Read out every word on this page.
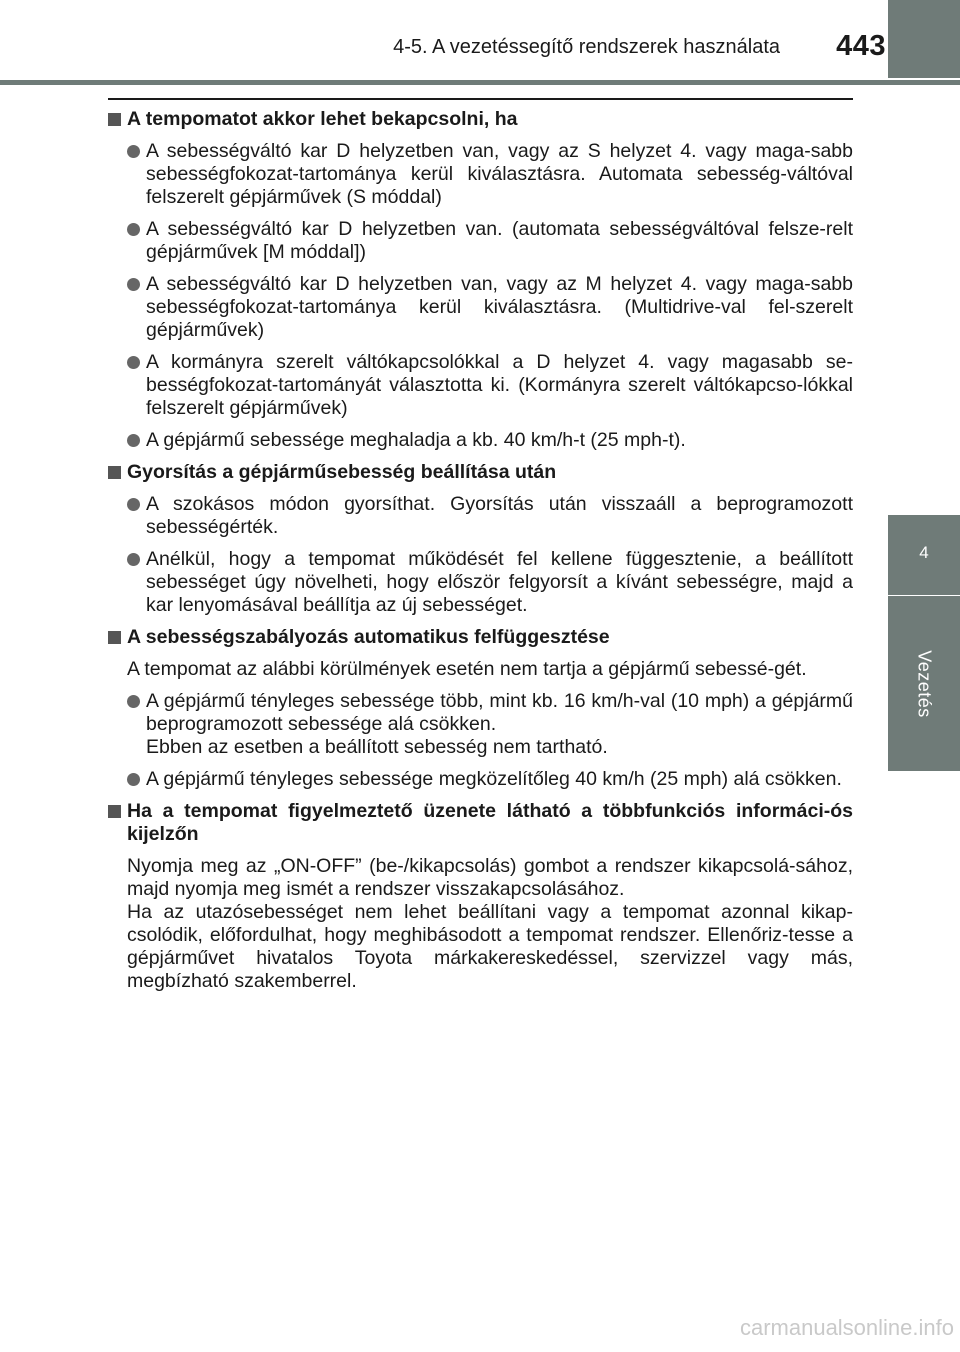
4-5. A vezetéssegítő rendszerek használata	443
4
Vezetés
A tempomatot akkor lehet bekapcsolni, ha
A sebességváltó kar D helyzetben van, vagy az S helyzet 4. vagy maga-sabb sebességfokozat-tartománya kerül kiválasztásra. Automata sebesség-váltóval felszerelt gépjárművek (S móddal)
A sebességváltó kar D helyzetben van. (automata sebességváltóval felsze-relt gépjárművek [M móddal])
A sebességváltó kar D helyzetben van, vagy az M helyzet 4. vagy maga-sabb sebességfokozat-tartománya kerül kiválasztásra. (Multidrive-val fel-szerelt gépjárművek)
A kormányra szerelt váltókapcsolókkal a D helyzet 4. vagy magasabb se-bességfokozat-tartományát választotta ki. (Kormányra szerelt váltókapcso-lókkal felszerelt gépjárművek)
A gépjármű sebessége meghaladja a kb. 40 km/h-t (25 mph-t).
Gyorsítás a gépjárműsebesség beállítása után
A szokásos módon gyorsíthat. Gyorsítás után visszaáll a beprogramozott sebességérték.
Anélkül, hogy a tempomat működését fel kellene függesztenie, a beállított sebességet úgy növelheti, hogy először felgyorsít a kívánt sebességre, majd a kar lenyomásával beállítja az új sebességet.
A sebességszabályozás automatikus felfüggesztése
A tempomat az alábbi körülmények esetén nem tartja a gépjármű sebessé-gét.
A gépjármű tényleges sebessége több, mint kb. 16 km/h-val (10 mph) a gépjármű beprogramozott sebessége alá csökken.
Ebben az esetben a beállított sebesség nem tartható.
A gépjármű tényleges sebessége megközelítőleg 40 km/h (25 mph) alá csökken.
Ha a tempomat figyelmeztető üzenete látható a többfunkciós informáci-ós kijelzőn
Nyomja meg az „ON-OFF” (be-/kikapcsolás) gombot a rendszer kikapcsolá-sához, majd nyomja meg ismét a rendszer visszakapcsolásához.
Ha az utazósebességet nem lehet beállítani vagy a tempomat azonnal kikap-csolódik, előfordulhat, hogy meghibásodott a tempomat rendszer. Ellenőriz-tesse a gépjárművet hivatalos Toyota márkakereskedéssel, szervizzel vagy más, megbízható szakemberrel.
carmanualsonline.info
